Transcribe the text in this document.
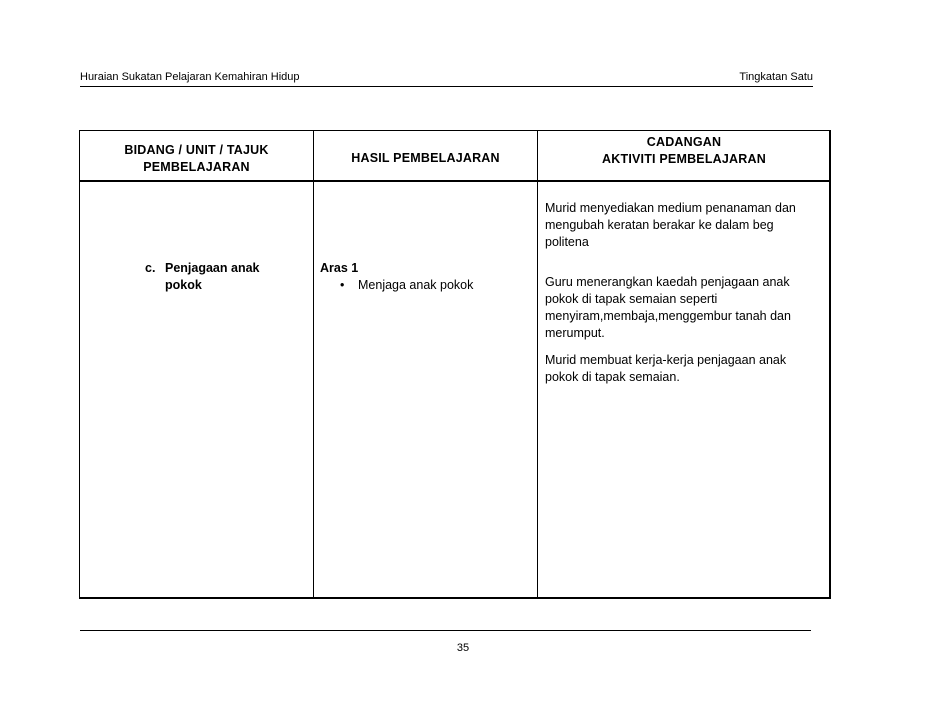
Huraian Sukatan Pelajaran Kemahiran Hidup	Tingkatan Satu
BIDANG / UNIT / TAJUK
PEMBELAJARAN
HASIL PEMBELAJARAN
CADANGAN
AKTIVITI PEMBELAJARAN
c. Penjagaan anak
pokok
Aras 1
•	Menjaga anak pokok
Murid menyediakan medium penanaman dan
mengubah keratan berakar ke dalam beg
politena
Guru menerangkan kaedah penjagaan anak
pokok di tapak semaian seperti
menyiram,membaja,menggembur tanah dan
merumput.
Murid membuat kerja-kerja penjagaan anak
pokok di tapak semaian.
35
